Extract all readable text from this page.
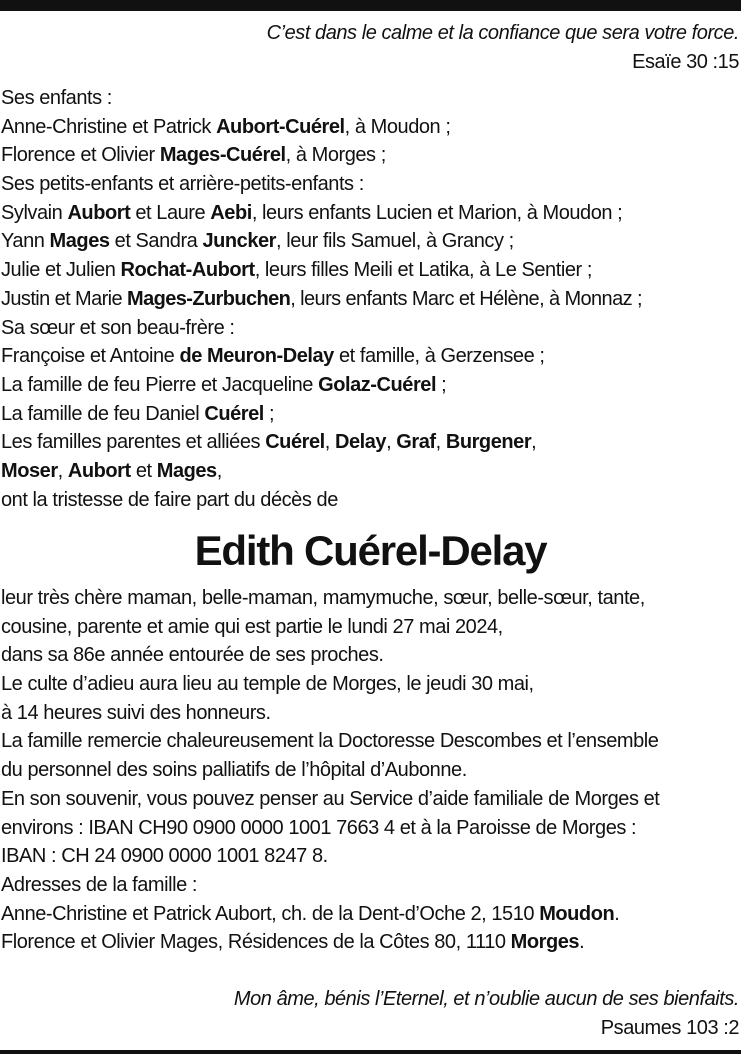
C’est dans le calme et la confiance que sera votre force.
Esaïe 30 :15
Ses enfants :
Anne-Christine et Patrick Aubort-Cuérel, à Moudon ;
Florence et Olivier Mages-Cuérel, à Morges ;
Ses petits-enfants et arrière-petits-enfants :
Sylvain Aubort et Laure Aebi, leurs enfants Lucien et Marion, à Moudon ;
Yann Mages et Sandra Juncker, leur fils Samuel, à Grancy ;
Julie et Julien Rochat-Aubort, leurs filles Meili et Latika, à Le Sentier ;
Justin et Marie Mages-Zurbuchen, leurs enfants Marc et Hélène, à Monnaz ;
Sa sœur et son beau-frère :
Françoise et Antoine de Meuron-Delay et famille, à Gerzensee ;
La famille de feu Pierre et Jacqueline Golaz-Cuérel ;
La famille de feu Daniel Cuérel ;
Les familles parentes et alliées Cuérel, Delay, Graf, Burgener,
Moser, Aubort et Mages,
ont la tristesse de faire part du décès de
Edith Cuérel-Delay
leur très chère maman, belle-maman, mamymuche, sœur, belle-sœur, tante,
cousine, parente et amie qui est partie le lundi 27 mai 2024,
dans sa 86e année entourée de ses proches.
Le culte d’adieu aura lieu au temple de Morges, le jeudi 30 mai,
à 14 heures suivi des honneurs.
La famille remercie chaleureusement la Doctoresse Descombes et l’ensemble
du personnel des soins palliatifs de l’hôpital d’Aubonne.
En son souvenir, vous pouvez penser au Service d’aide familiale de Morges et
environs : IBAN CH90 0900 0000 1001 7663 4 et à la Paroisse de Morges :
IBAN : CH 24 0900 0000 1001 8247 8.
Adresses de la famille :
Anne-Christine et Patrick Aubort, ch. de la Dent-d’Oche 2, 1510 Moudon.
Florence et Olivier Mages, Résidences de la Côtes 80, 1110 Morges.
Mon âme, bénis l’Eternel, et n’oublie aucun de ses bienfaits.
Psaumes 103 :2
